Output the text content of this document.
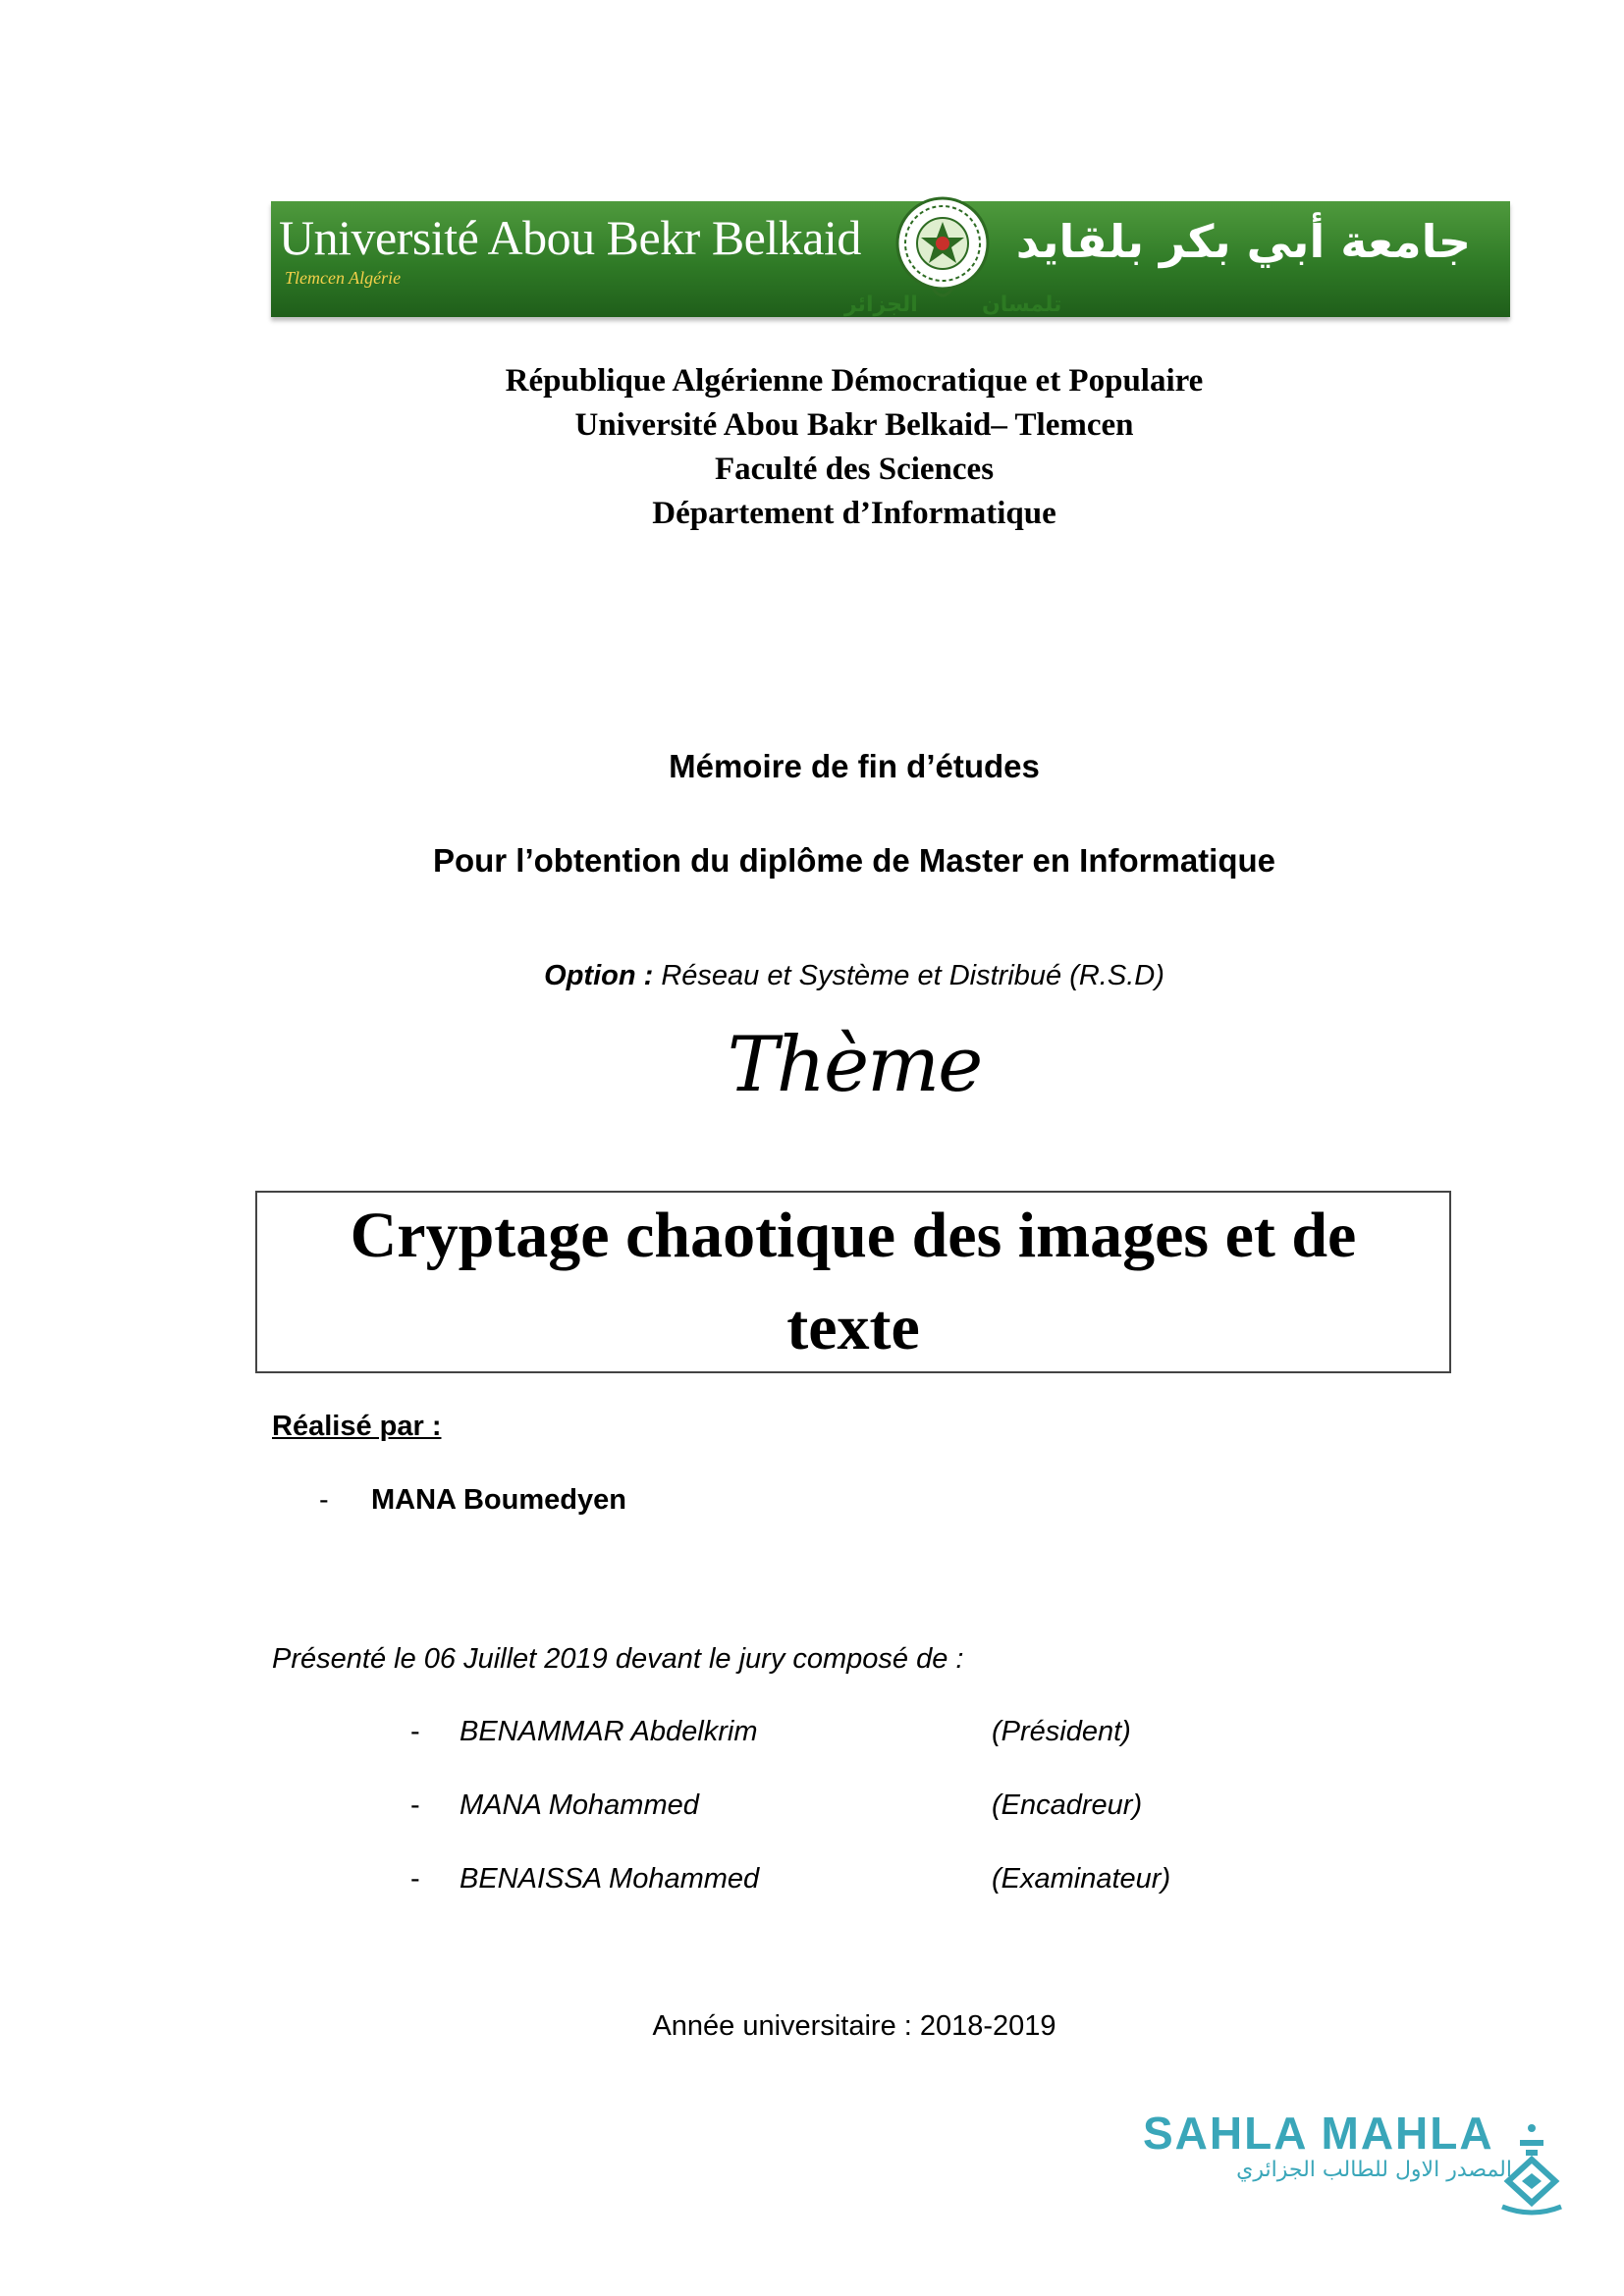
Université Abou Bekr Belkaid
Tlemcen Algérie
جامعة أبي بكر بلقايد
الجزائر	تلمسان
République Algérienne Démocratique et Populaire
Université Abou Bakr Belkaid– Tlemcen
Faculté des Sciences
Département d’Informatique
Mémoire de fin d’études
Pour l’obtention du diplôme de Master en Informatique
Option : Réseau et Système et Distribué (R.S.D)
Thème
Cryptage chaotique des images et de
texte
Réalisé par :
- MANA Boumedyen
Présenté le 06 Juillet 2019 devant le jury composé de :
- BENAMMAR Abdelkrim	(Président)
- MANA Mohammed	(Encadreur)
- BENAISSA Mohammed	(Examinateur)
Année universitaire : 2018-2019
SAHLA MAHLA
المصدر الاول للطالب الجزائري
